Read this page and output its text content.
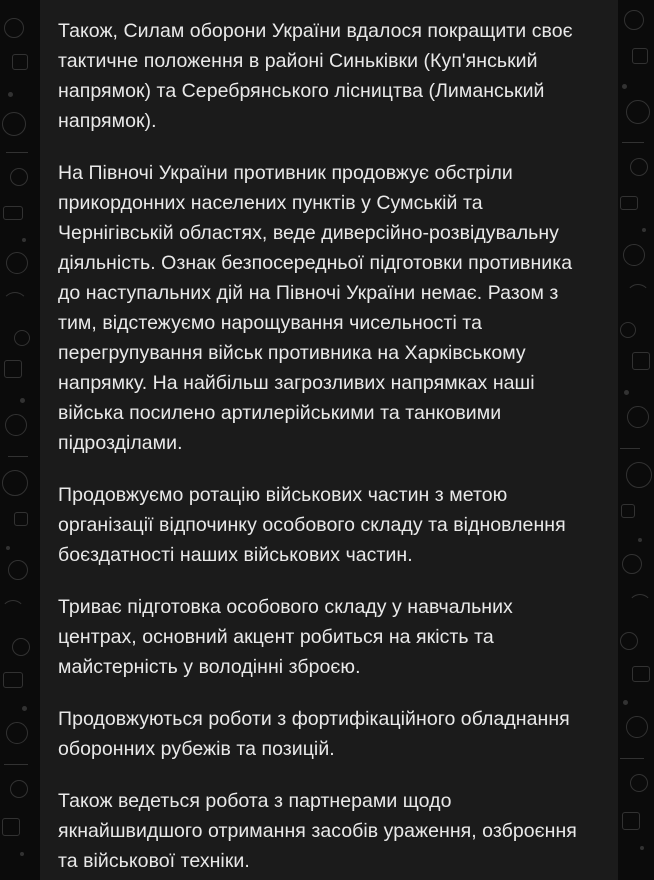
Також, Силам оборони України вдалося покращити своє тактичне положення в районі Синьківки (Куп'янський напрямок) та Серебрянського лісництва (Лиманський напрямок).

На Півночі України противник продовжує обстріли прикордонних населених пунктів у Сумській та Чернігівській областях, веде диверсійно-розвідувальну діяльність. Ознак безпосередньої підготовки противника до наступальних дій на Півночі України немає. Разом з тим, відстежуємо нарощування чисельності та перегрупування військ противника на Харківському напрямку. На найбільш загрозливих напрямках наші війська посилено артилерійськими та танковими підрозділами.

Продовжуємо ротацію військових частин з метою організації відпочинку особового складу та відновлення боєздатності наших військових частин.

Триває підготовка особового складу у навчальних центрах, основний акцент робиться на якість та майстерність у володінні зброєю.

Продовжуються роботи з фортифікаційного обладнання оборонних рубежів та позицій.

Також ведеться робота з партнерами щодо якнайшвидшого отримання засобів ураження, озброєння та військової техніки.
